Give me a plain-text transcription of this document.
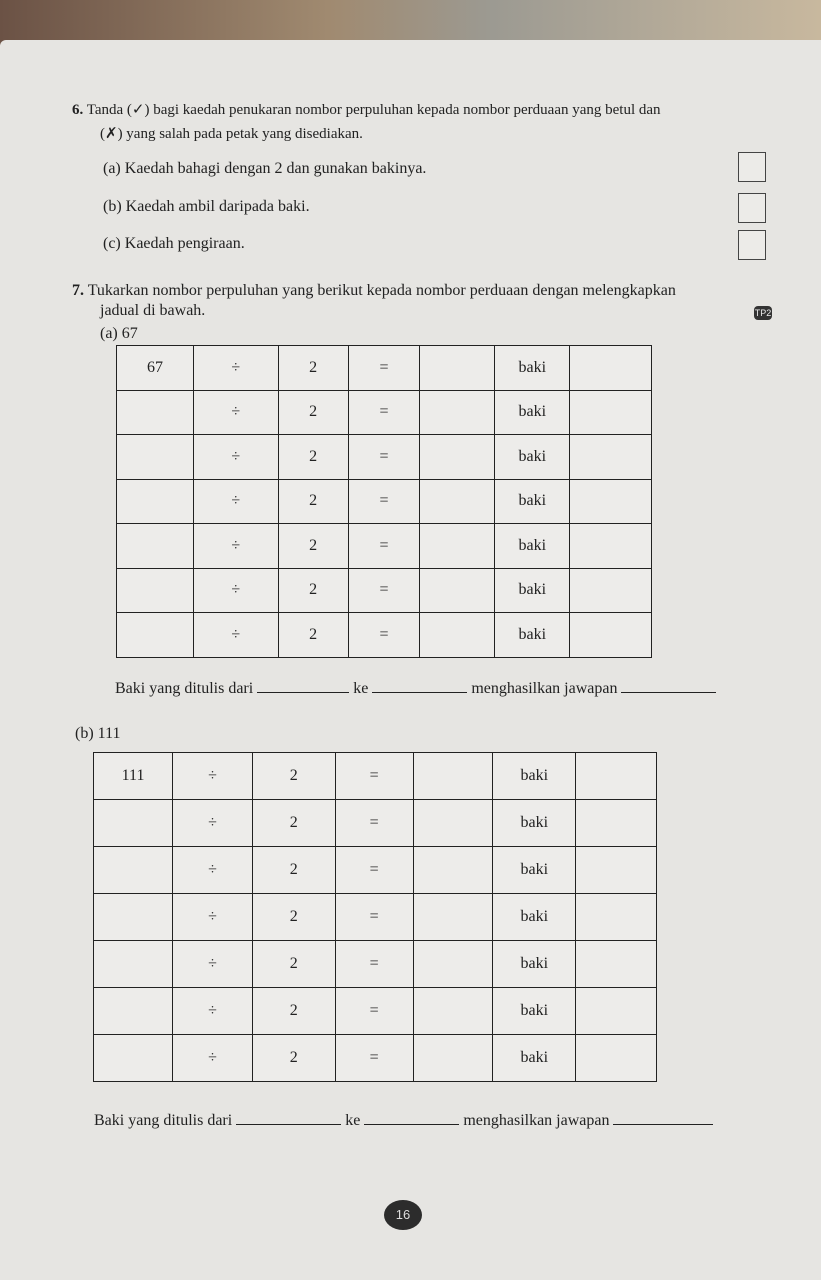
6. Tanda (✓) bagi kaedah penukaran nombor perpuluhan kepada nombor perduaan yang betul dan
(✗) yang salah pada petak yang disediakan.
(a) Kaedah bahagi dengan 2 dan gunakan bakinya.
(b) Kaedah ambil daripada baki.
(c) Kaedah pengiraan.
7. Tukarkan nombor perpuluhan yang berikut kepada nombor perduaan dengan melengkapkan
jadual di bawah.	TP2
(a) 67
67	÷	2	=		baki	
	÷	2	=		baki	
	÷	2	=		baki	
	÷	2	=		baki	
	÷	2	=		baki	
	÷	2	=		baki	
	÷	2	=		baki	
Baki yang ditulis dari	ke	menghasilkan jawapan
(b) 111
111	÷	2	=		baki	
	÷	2	=		baki	
	÷	2	=		baki	
	÷	2	=		baki	
	÷	2	=		baki	
	÷	2	=		baki	
	÷	2	=		baki	
Baki yang ditulis dari	ke	menghasilkan jawapan
16
